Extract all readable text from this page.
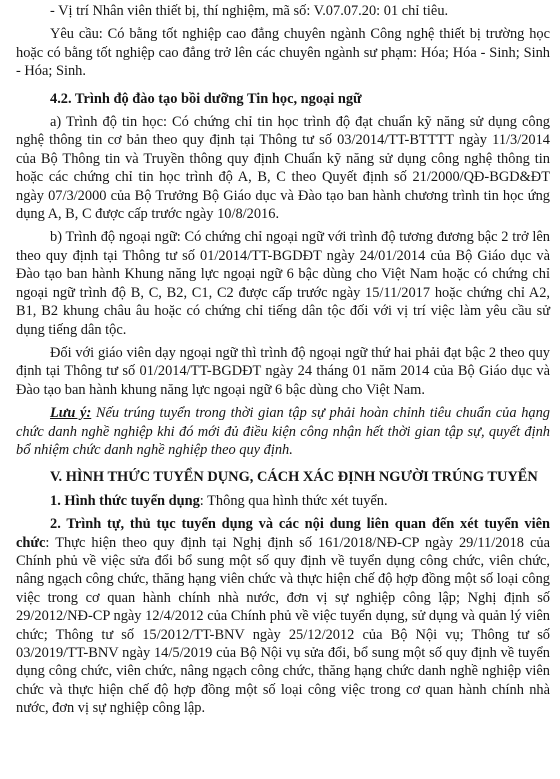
- Vị trí Nhân viên thiết bị, thí nghiệm, mã số: V.07.07.20: 01 chỉ tiêu.

Yêu cầu: Có bằng tốt nghiệp cao đẳng chuyên ngành Công nghệ thiết bị trường học hoặc có bằng tốt nghiệp cao đẳng trở lên các chuyên ngành sư phạm: Hóa; Hóa - Sinh; Sinh - Hóa; Sinh.

4.2. Trình độ đào tạo bồi dưỡng Tin học, ngoại ngữ

a) Trình độ tin học: Có chứng chỉ tin học trình độ đạt chuẩn kỹ năng sử dụng công nghệ thông tin cơ bản theo quy định tại Thông tư số 03/2014/TT-BTTTT ngày 11/3/2014 của Bộ Thông tin và Truyền thông quy định Chuẩn kỹ năng sử dụng công nghệ thông tin hoặc các chứng chỉ tin học trình độ A, B, C theo Quyết định số 21/2000/QĐ-BGD&ĐT ngày 07/3/2000 của Bộ Trưởng Bộ Giáo dục và Đào tạo ban hành chương trình tin học ứng dụng A, B, C được cấp trước ngày 10/8/2016.

b) Trình độ ngoại ngữ: Có chứng chỉ ngoại ngữ với trình độ tương đương bậc 2 trở lên theo quy định tại Thông tư số 01/2014/TT-BGDĐT ngày 24/01/2014 của Bộ Giáo dục và Đào tạo ban hành Khung năng lực ngoại ngữ 6 bậc dùng cho Việt Nam hoặc có chứng chỉ ngoại ngữ trình độ B, C, B2, C1, C2 được cấp trước ngày 15/11/2017 hoặc chứng chỉ A2, B1, B2 khung châu âu hoặc có chứng chỉ tiếng dân tộc đối với vị trí việc làm yêu cầu sử dụng tiếng dân tộc.

Đối với giáo viên dạy ngoại ngữ thì trình độ ngoại ngữ thứ hai phải đạt bậc 2 theo quy định tại Thông tư số 01/2014/TT-BGDĐT ngày 24 tháng 01 năm 2014 của Bộ Giáo dục và Đào tạo ban hành khung năng lực ngoại ngữ 6 bậc dùng cho Việt Nam.

Lưu ý: Nếu trúng tuyển trong thời gian tập sự phải hoàn chỉnh tiêu chuẩn của hạng chức danh nghề nghiệp khi đó mới đủ điều kiện công nhận hết thời gian tập sự, quyết định bổ nhiệm chức danh nghề nghiệp theo quy định.

V. HÌNH THỨC TUYỂN DỤNG, CÁCH XÁC ĐỊNH NGƯỜI TRÚNG TUYỂN

1. Hình thức tuyển dụng: Thông qua hình thức xét tuyển.

2. Trình tự, thủ tục tuyển dụng và các nội dung liên quan đến xét tuyển viên chức: Thực hiện theo quy định tại Nghị định số 161/2018/NĐ-CP ngày 29/11/2018 của Chính phủ về việc sửa đổi bổ sung một số quy định về tuyển dụng công chức, viên chức, nâng ngạch công chức, thăng hạng viên chức và thực hiện chế độ hợp đồng một số loại công việc trong cơ quan hành chính nhà nước, đơn vị sự nghiệp công lập; Nghị định số 29/2012/NĐ-CP ngày 12/4/2012 của Chính phủ về việc tuyển dụng, sử dụng và quản lý viên chức; Thông tư số 15/2012/TT-BNV ngày 25/12/2012 của Bộ Nội vụ; Thông tư số 03/2019/TT-BNV ngày 14/5/2019 của Bộ Nội vụ sửa đổi, bổ sung một số quy định về tuyển dụng công chức, viên chức, nâng ngạch công chức, thăng hạng chức danh nghề nghiệp viên chức và thực hiện chế độ hợp đồng một số loại công việc trong cơ quan hành chính nhà nước, đơn vị sự nghiệp công lập.
